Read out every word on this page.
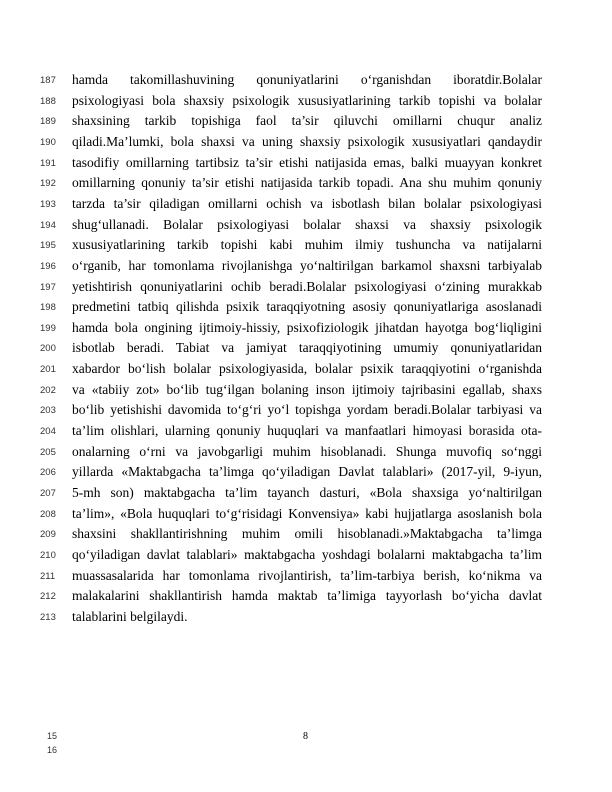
187
188
189
190
191
192
193
194
195
196
197
198
199
200
201
202
203
204
205
206
207
208
209
210
211
212
213
hamda takomillashuvining qonuniyatlarini o‘rganishdan iboratdir.Bolalar
psixologiyasi bola shaxsiy psixologik xususiyatlarining tarkib topishi va bolalar
shaxsining tarkib topishiga faol ta’sir qiluvchi omillarni chuqur analiz
qiladi.Ma’lumki, bola shaxsi va uning shaxsiy psixologik xususiyatlari qandaydir
tasodifiy omillarning tartibsiz ta’sir etishi natijasida emas, balki muayyan konkret
omillarning qonuniy ta’sir etishi natijasida tarkib topadi. Ana shu muhim qonuniy
tarzda ta’sir qiladigan omillarni ochish va isbotlash bilan bolalar psixologiyasi
shug‘ullanadi. Bolalar psixologiyasi bolalar shaxsi va shaxsiy psixologik
xususiyatlarining tarkib topishi kabi muhim ilmiy tushuncha va natijalarni
o‘rganib, har tomonlama rivojlanishga yo‘naltirilgan barkamol shaxsni tarbiyalab
yetishtirish qonuniyatlarini ochib beradi.Bolalar psixologiyasi o‘zining murakkab
predmetini tatbiq qilishda psixik taraqqiyotning asosiy qonuniyatlariga asoslanadi
hamda bola ongining ijtimoiy-hissiy, psixofiziologik jihatdan hayotga bog‘liqligini
isbotlab beradi. Tabiat va jamiyat taraqqiyotining umumiy qonuniyatlaridan
xabardor bo‘lish bolalar psixologiyasida, bolalar psixik taraqqiyotini o‘rganishda
va «tabiiy zot» bo‘lib tug‘ilgan bolaning inson ijtimoiy tajribasini egallab, shaxs
bo‘lib yetishishi davomida to‘g‘ri yo‘l topishga yordam beradi.Bolalar tarbiyasi va
ta’lim olishlari, ularning qonuniy huquqlari va manfaatlari himoyasi borasida ota-
onalarning o‘rni va javobgarligi muhim hisoblanadi. Shunga muvofiq so‘nggi
yillarda «Maktabgacha ta’limga qo‘yiladigan Davlat talablari» (2017-yil, 9-iyun,
5-mh son) maktabgacha ta’lim tayanch dasturi, «Bola shaxsiga yo‘naltirilgan
ta’lim», «Bola huquqlari to‘g‘risidagi Konvensiya» kabi hujjatlarga asoslanish bola
shaxsini shakllantirishning muhim omili hisoblanadi.»Maktabgacha ta’limga
qo‘yiladigan davlat talablari» maktabgacha yoshdagi bolalarni maktabgacha ta’lim
muassasalarida har tomonlama rivojlantirish, ta’lim-tarbiya berish, ko‘nikma va
malakalarini shakllantirish hamda maktab ta’limiga tayyorlash bo‘yicha davlat
talablarini belgilaydi.
15
16
8
